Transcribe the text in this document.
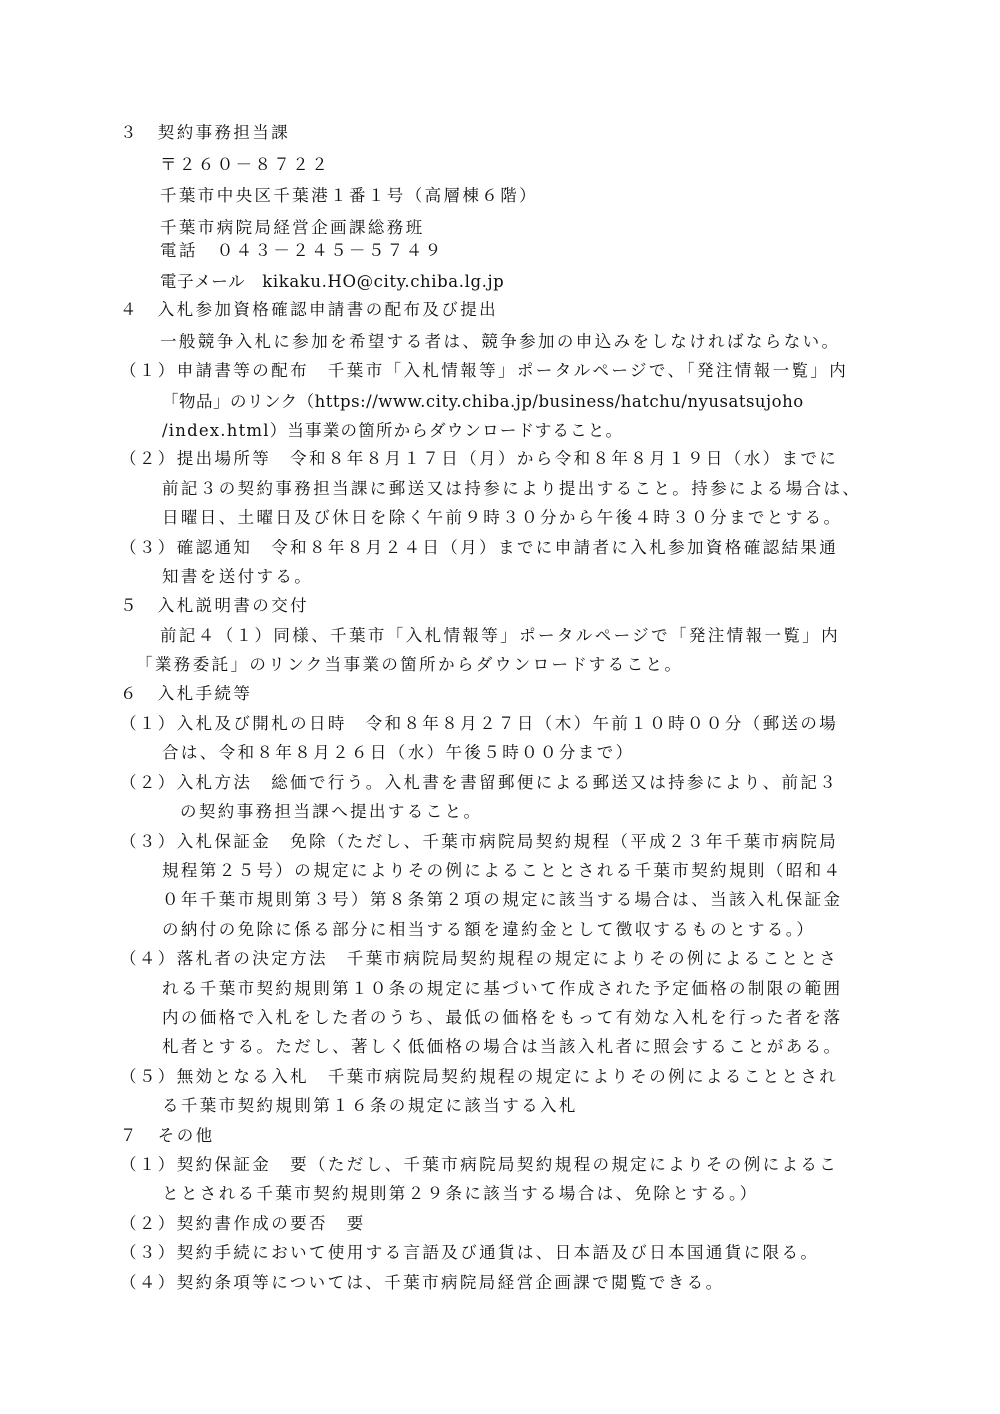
３　契約事務担当課
〒２６０－８７２２
千葉市中央区千葉港１番１号（高層棟６階）
千葉市病院局経営企画課総務班
電話　０４３－２４５－５７４９
電子メール　kikaku.HO@city.chiba.lg.jp
４　入札参加資格確認申請書の配布及び提出
一般競争入札に参加を希望する者は、競争参加の申込みをしなければならない。
（１）申請書等の配布　千葉市「入札情報等」ポータルページで、「発注情報一覧」内
「物品」のリンク（https://www.city.chiba.jp/business/hatchu/nyusatsujoho
/index.html）当事業の箇所からダウンロードすること。
（２）提出場所等　令和８年８月１７日（月）から令和８年８月１９日（水）までに
前記３の契約事務担当課に郵送又は持参により提出すること。持参による場合は、
日曜日、土曜日及び休日を除く午前９時３０分から午後４時３０分までとする。
（３）確認通知　令和８年８月２４日（月）までに申請者に入札参加資格確認結果通
知書を送付する。
５　入札説明書の交付
前記４（１）同様、千葉市「入札情報等」ポータルページで「発注情報一覧」内
「業務委託」のリンク当事業の箇所からダウンロードすること。
６　入札手続等
（１）入札及び開札の日時　令和８年８月２７日（木）午前１０時００分（郵送の場
合は、令和８年８月２６日（水）午後５時００分まで）
（２）入札方法　総価で行う。入札書を書留郵便による郵送又は持参により、前記３
の契約事務担当課へ提出すること。
（３）入札保証金　免除（ただし、千葉市病院局契約規程（平成２３年千葉市病院局
規程第２５号）の規定によりその例によることとされる千葉市契約規則（昭和４
０年千葉市規則第３号）第８条第２項の規定に該当する場合は、当該入札保証金
の納付の免除に係る部分に相当する額を違約金として徴収するものとする。）
（４）落札者の決定方法　千葉市病院局契約規程の規定によりその例によることとさ
れる千葉市契約規則第１０条の規定に基づいて作成された予定価格の制限の範囲
内の価格で入札をした者のうち、最低の価格をもって有効な入札を行った者を落
札者とする。ただし、著しく低価格の場合は当該入札者に照会することがある。
（５）無効となる入札　千葉市病院局契約規程の規定によりその例によることとされ
る千葉市契約規則第１６条の規定に該当する入札
７　その他
（１）契約保証金　要（ただし、千葉市病院局契約規程の規定によりその例によるこ
ととされる千葉市契約規則第２９条に該当する場合は、免除とする。）
（２）契約書作成の要否　要
（３）契約手続において使用する言語及び通貨は、日本語及び日本国通貨に限る。
（４）契約条項等については、千葉市病院局経営企画課で閲覧できる。
